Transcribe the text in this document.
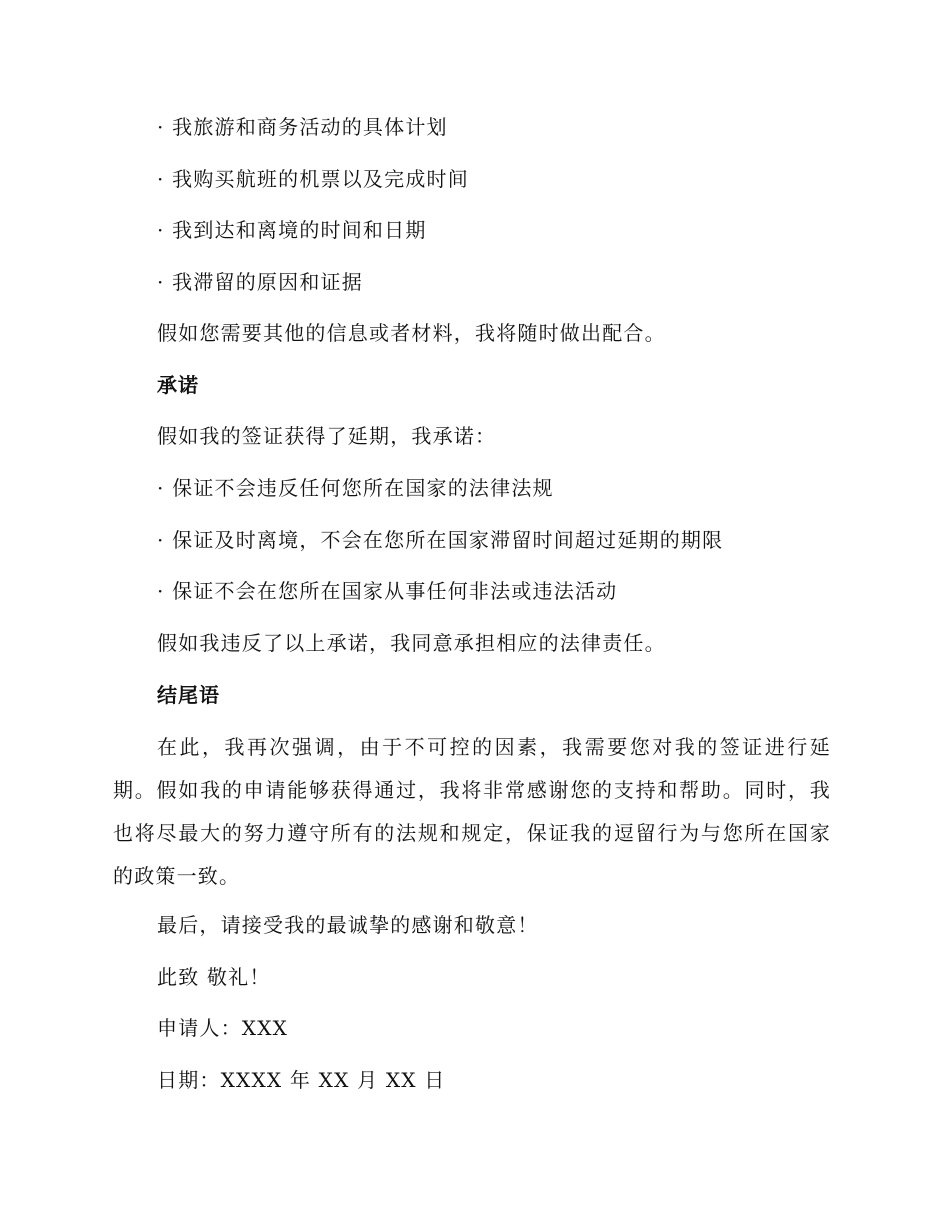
· 我旅游和商务活动的具体计划
· 我购买航班的机票以及完成时间
· 我到达和离境的时间和日期
· 我滞留的原因和证据
假如您需要其他的信息或者材料，我将随时做出配合。
承诺
假如我的签证获得了延期，我承诺：
· 保证不会违反任何您所在国家的法律法规
· 保证及时离境，不会在您所在国家滞留时间超过延期的期限
· 保证不会在您所在国家从事任何非法或违法活动
假如我违反了以上承诺，我同意承担相应的法律责任。
结尾语
在此，我再次强调，由于不可控的因素，我需要您对我的签证进行延期。假如我的申请能够获得通过，我将非常感谢您的支持和帮助。同时，我也将尽最大的努力遵守所有的法规和规定，保证我的逗留行为与您所在国家的政策一致。
最后，请接受我的最诚挚的感谢和敬意！
此致 敬礼！
申请人：XXX
日期：XXXX 年 XX 月 XX 日
